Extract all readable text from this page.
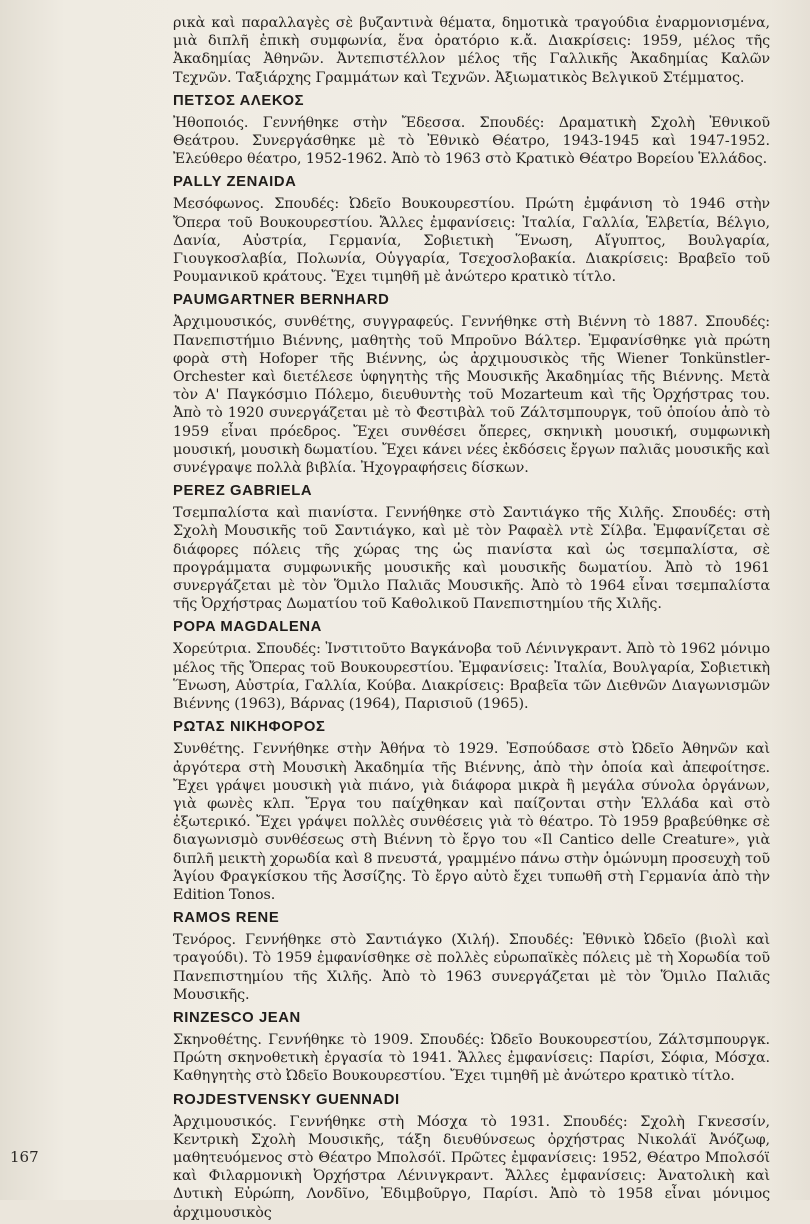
ρικὰ καὶ παραλλαγὲς σὲ βυζαντινὰ θέματα, δημοτικὰ τραγούδια ἐναρμονισμένα, μιὰ διπλῆ ἐπικὴ συμφωνία, ἕνα ὀρατόριο κ.ἄ. Διακρίσεις: 1959, μέλος τῆς Ἀκαδημίας Ἀθηνῶν. Ἀντεπιστέλλον μέλος τῆς Γαλλικῆς Ἀκαδημίας Καλῶν Τεχνῶν. Ταξιάρχης Γραμμάτων καὶ Τεχνῶν. Ἀξιωματικὸς Βελγικοῦ Στέμματος.

ΠΕΤΣΟΣ ΑΛΕΚΟΣ

Ἠθοποιός. Γεννήθηκε στὴν Ἔδεσσα. Σπουδές: Δραματικὴ Σχολὴ Ἐθνικοῦ Θεάτρου. Συνεργάσθηκε μὲ τὸ Ἐθνικὸ Θέατρο, 1943-1945 καὶ 1947-1952. Ἐλεύθερο θέατρο, 1952-1962. Ἀπὸ τὸ 1963 στὸ Κρατικὸ Θέατρο Βορείου Ἑλλάδος.

PALLY ZENAIDA

Μεσόφωνος. Σπουδές: Ὠδεῖο Βουκουρεστίου. Πρώτη ἐμφάνιση τὸ 1946 στὴν Ὄπερα τοῦ Βουκουρεστίου. Ἄλλες ἐμφανίσεις: Ἰταλία, Γαλλία, Ἑλβετία, Βέλγιο, Δανία, Αὐστρία, Γερμανία, Σοβιετικὴ Ἕνωση, Αἴγυπτος, Βουλγαρία, Γιουγκοσλαβία, Πολωνία, Οὑγγαρία, Τσεχοσλοβακία. Διακρίσεις: Βραβεῖο τοῦ Ρουμανικοῦ κράτους. Ἔχει τιμηθῆ μὲ ἀνώτερο κρατικὸ τίτλο.

PAUMGARTNER BERNHARD

Ἀρχιμουσικός, συνθέτης, συγγραφεύς. Γεννήθηκε στὴ Βιέννη τὸ 1887. Σπουδές: Πανεπιστήμιο Βιέννης, μαθητὴς τοῦ Μπροῦνο Βάλτερ. Ἐμφανίσθηκε γιὰ πρώτη φορὰ στὴ Hofoper τῆς Βιέννης, ὡς ἀρχιμουσικὸς τῆς Wiener Tonkünstler-Orchester καὶ διετέλεσε ὑφηγητὴς τῆς Μουσικῆς Ἀκαδημίας τῆς Βιέννης. Μετὰ τὸν Α' Παγκόσμιο Πόλεμο, διευθυντὴς τοῦ Mozarteum καὶ τῆς Ὀρχήστρας του. Ἀπὸ τὸ 1920 συνεργάζεται μὲ τὸ Φεστιβὰλ τοῦ Ζάλτσμπουργκ, τοῦ ὁποίου ἀπὸ τὸ 1959 εἶναι πρόεδρος. Ἔχει συνθέσει ὄπερες, σκηνικὴ μουσική, συμφωνικὴ μουσική, μουσικὴ δωματίου. Ἔχει κάνει νέες ἐκδόσεις ἔργων παλιᾶς μουσικῆς καὶ συνέγραψε πολλὰ βιβλία. Ἠχογραφήσεις δίσκων.

PEREZ GABRIELA

Τσεμπαλίστα καὶ πιανίστα. Γεννήθηκε στὸ Σαντιάγκο τῆς Χιλῆς. Σπουδές: στὴ Σχολὴ Μουσικῆς τοῦ Σαντιάγκο, καὶ μὲ τὸν Ραφαὲλ ντὲ Σίλβα. Ἐμφανίζεται σὲ διάφορες πόλεις τῆς χώρας της ὡς πιανίστα καὶ ὡς τσεμπαλίστα, σὲ προγράμματα συμφωνικῆς μουσικῆς καὶ μουσικῆς δωματίου. Ἀπὸ τὸ 1961 συνεργάζεται μὲ τὸν Ὅμιλο Παλιᾶς Μουσικῆς. Ἀπὸ τὸ 1964 εἶναι τσεμπαλίστα τῆς Ὀρχήστρας Δωματίου τοῦ Καθολικοῦ Πανεπιστημίου τῆς Χιλῆς.

POPA MAGDALENA

Χορεύτρια. Σπουδές: Ἰνστιτοῦτο Βαγκάνοβα τοῦ Λένινγκραντ. Ἀπὸ τὸ 1962 μόνιμο μέλος τῆς Ὄπερας τοῦ Βουκουρεστίου. Ἐμφανίσεις: Ἰταλία, Βουλγαρία, Σοβιετικὴ Ἕνωση, Αὐστρία, Γαλλία, Κούβα. Διακρίσεις: Βραβεῖα τῶν Διεθνῶν Διαγωνισμῶν Βιέννης (1963), Βάρνας (1964), Παρισιοῦ (1965).

ΡΩΤΑΣ ΝΙΚΗΦΟΡΟΣ

Συνθέτης. Γεννήθηκε στὴν Ἀθήνα τὸ 1929. Ἐσπούδασε στὸ Ὠδεῖο Ἀθηνῶν καὶ ἀργότερα στὴ Μουσικὴ Ἀκαδημία τῆς Βιέννης, ἀπὸ τὴν ὁποία καὶ ἀπεφοίτησε. Ἔχει γράψει μουσικὴ γιὰ πιάνο, γιὰ διάφορα μικρὰ ἢ μεγάλα σύνολα ὀργάνων, γιὰ φωνὲς κλπ. Ἔργα του παίχθηκαν καὶ παίζονται στὴν Ἑλλάδα καὶ στὸ ἐξωτερικό. Ἔχει γράψει πολλὲς συνθέσεις γιὰ τὸ θέατρο. Τὸ 1959 βραβεύθηκε σὲ διαγωνισμὸ συνθέσεως στὴ Βιέννη τὸ ἔργο του «Il Cantico delle Creature», γιὰ διπλῆ μεικτὴ χορωδία καὶ 8 πνευστά, γραμμένο πάνω στὴν ὁμώνυμη προσευχὴ τοῦ Ἁγίου Φραγκίσκου τῆς Ἀσσίζης. Τὸ ἔργο αὐτὸ ἔχει τυπωθῆ στὴ Γερμανία ἀπὸ τὴν Edition Tonos.

RAMOS RENE

Τενόρος. Γεννήθηκε στὸ Σαντιάγκο (Χιλή). Σπουδές: Ἐθνικὸ Ὠδεῖο (βιολὶ καὶ τραγούδι). Τὸ 1959 ἐμφανίσθηκε σὲ πολλὲς εὐρωπαϊκὲς πόλεις μὲ τὴ Χορωδία τοῦ Πανεπιστημίου τῆς Χιλῆς. Ἀπὸ τὸ 1963 συνεργάζεται μὲ τὸν Ὅμιλο Παλιᾶς Μουσικῆς.

RINZESCO JEAN

Σκηνοθέτης. Γεννήθηκε τὸ 1909. Σπουδές: Ὠδεῖο Βουκουρεστίου, Ζάλτσμπουργκ. Πρώτη σκηνοθετικὴ ἐργασία τὸ 1941. Ἄλλες ἐμφανίσεις: Παρίσι, Σόφια, Μόσχα. Καθηγητὴς στὸ Ὠδεῖο Βουκουρεστίου. Ἔχει τιμηθῆ μὲ ἀνώτερο κρατικὸ τίτλο.

ROJDESTVENSKY GUENNADI

Ἀρχιμουσικός. Γεννήθηκε στὴ Μόσχα τὸ 1931. Σπουδές: Σχολὴ Γκνεσσίν, Κεντρικὴ Σχολὴ Μουσικῆς, τάξη διευθύνσεως ὀρχήστρας Νικολάϊ Ἀνόζωφ, μαθητευόμενος στὸ Θέατρο Μπολσόϊ. Πρῶτες ἐμφανίσεις: 1952, Θέατρο Μπολσόϊ καὶ Φιλαρμονικὴ Ὀρχήστρα Λένινγκραντ. Ἄλλες ἐμφανίσεις: Ἀνατολικὴ καὶ Δυτικὴ Εὐρώπη, Λονδῖνο, Ἐδιμβοῦργο, Παρίσι. Ἀπὸ τὸ 1958 εἶναι μόνιμος ἀρχιμουσικὸς

167
